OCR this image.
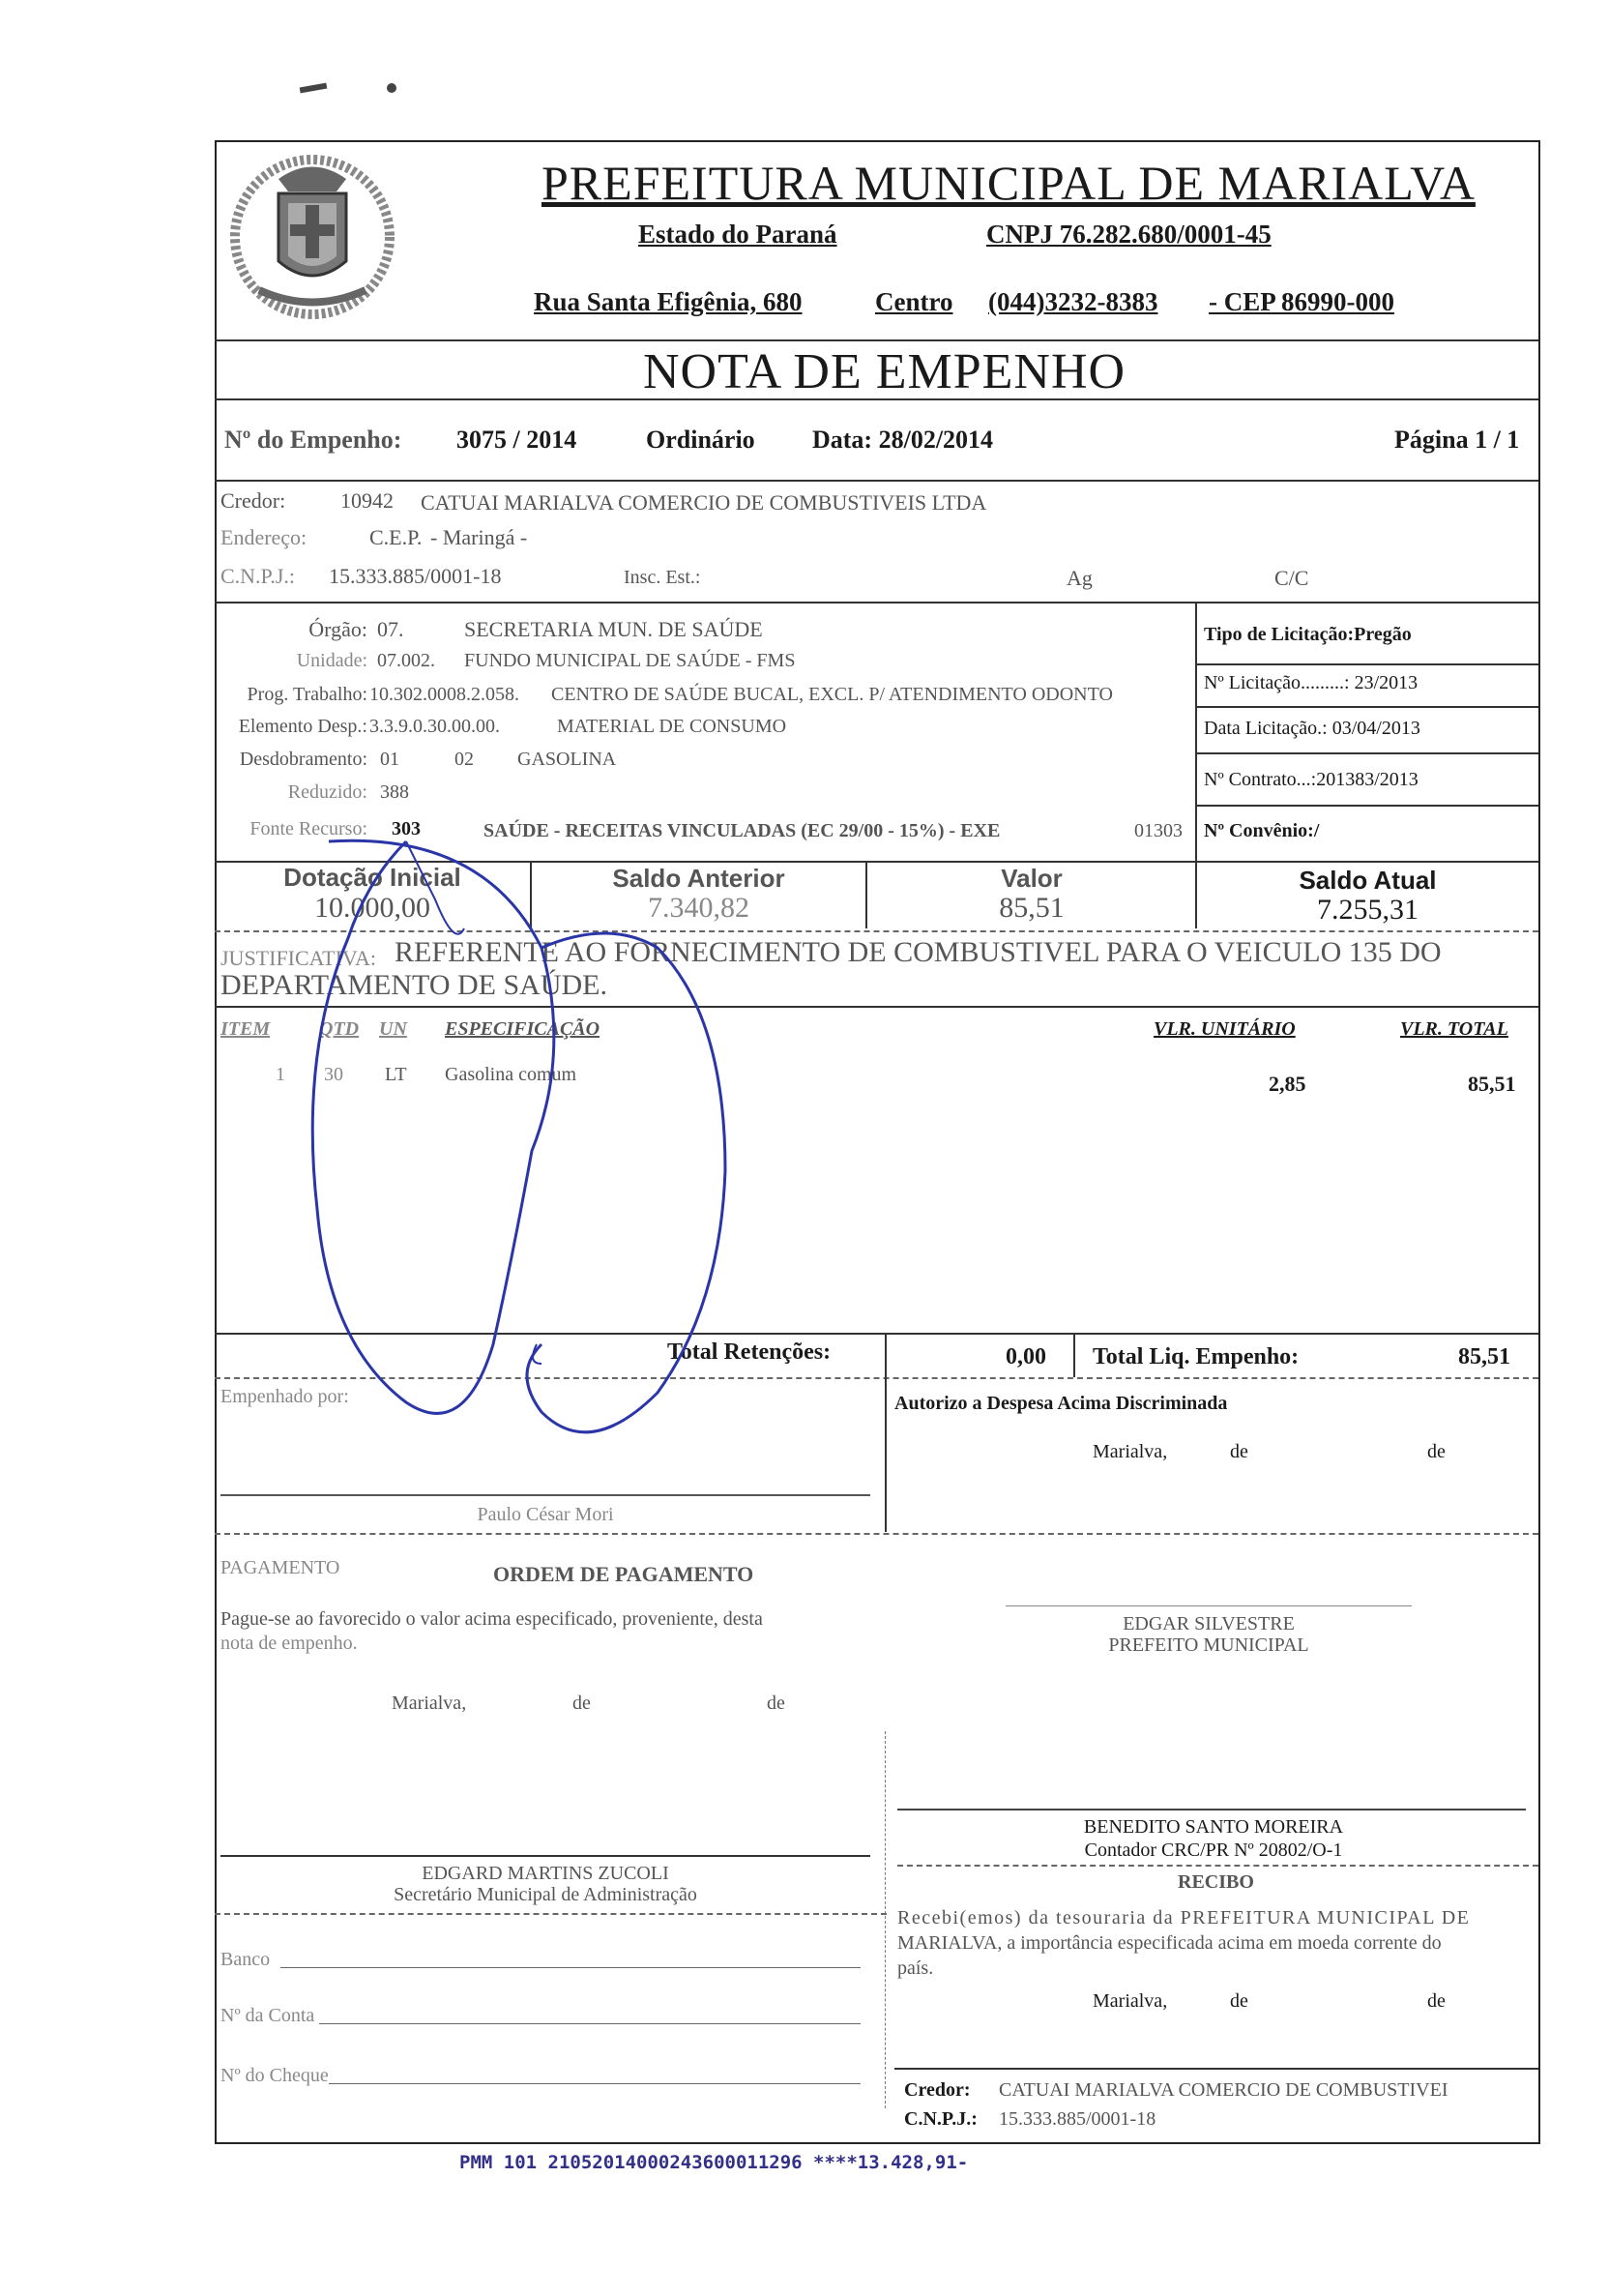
PREFEITURA MUNICIPAL DE MARIALVA
Estado do Paraná	CNPJ 76.282.680/0001-45
Rua Santa Efigênia, 680	Centro (044)3232-8383 - CEP 86990-000
NOTA DE EMPENHO
Nº do Empenho: 3075 / 2014	Ordinário Data: 28/02/2014	Página 1 / 1
Credor:	10942 CATUAI MARIALVA COMERCIO DE COMBUSTIVEIS LTDA
Endereço:	C.E.P. - Maringá -
C.N.P.J.: 15.333.885/0001-18	Insc. Est.:	Ag	C/C
Órgão: 07.	SECRETARIA MUN. DE SAÚDE
Unidade: 07.002. FUNDO MUNICIPAL DE SAÚDE - FMS
Prog. Trabalho: 10.302.0008.2.058. CENTRO DE SAÚDE BUCAL, EXCL. P/ ATENDIMENTO ODONTO
Elemento Desp.: 3.3.9.0.30.00.00.	MATERIAL DE CONSUMO
Desdobramento: 01	02 GASOLINA
Reduzido: 388
Fonte Recurso: 303	SAÚDE - RECEITAS VINCULADAS (EC 29/00 - 15%) - EXE	01303
Tipo de Licitação:Pregão
Nº Licitação.........: 23/2013
Data Licitação.: 03/04/2013
Nº Contrato...:201383/2013
Nº Convênio:/
Dotação Inicial
10.000,00
Saldo Anterior
7.340,82
Valor
85,51
Saldo Atual
7.255,31
JUSTIFICATIVA: REFERENTE AO FORNECIMENTO DE COMBUSTIVEL PARA O VEICULO 135 DO
DEPARTAMENTO DE SAÚDE.
ITEM	QTD UN ESPECIFICAÇÃO	VLR. UNITÁRIO	VLR. TOTAL
1 30 LT Gasolina comum	2,85	85,51
Total Retenções:	0,00 Total Liq. Empenho:	85,51
Empenhado por:	Autorizo a Despesa Acima Discriminada
Marialva,	de	de
Paulo César Mori
PAGAMENTO	ORDEM DE PAGAMENTO
Pague-se ao favorecido o valor acima especificado, proveniente, desta
nota de empenho.
Marialva,	de	de
EDGAR SILVESTRE
PREFEITO MUNICIPAL
BENEDITO SANTO MOREIRA
Contador CRC/PR Nº 20802/O-1
EDGARD MARTINS ZUCOLI
Secretário Municipal de Administração
RECIBO
Recebi(emos) da tesouraria da PREFEITURA MUNICIPAL DE
MARIALVA, a importância especificada acima em moeda corrente do
país.
Marialva,	de	de
Banco
Nº da Conta
Nº do Cheque
Credor: CATUAI MARIALVA COMERCIO DE COMBUSTIVEI
C.N.P.J.: 15.333.885/0001-18
PMM 101 21052014000243600011296 ****13.428,91-
